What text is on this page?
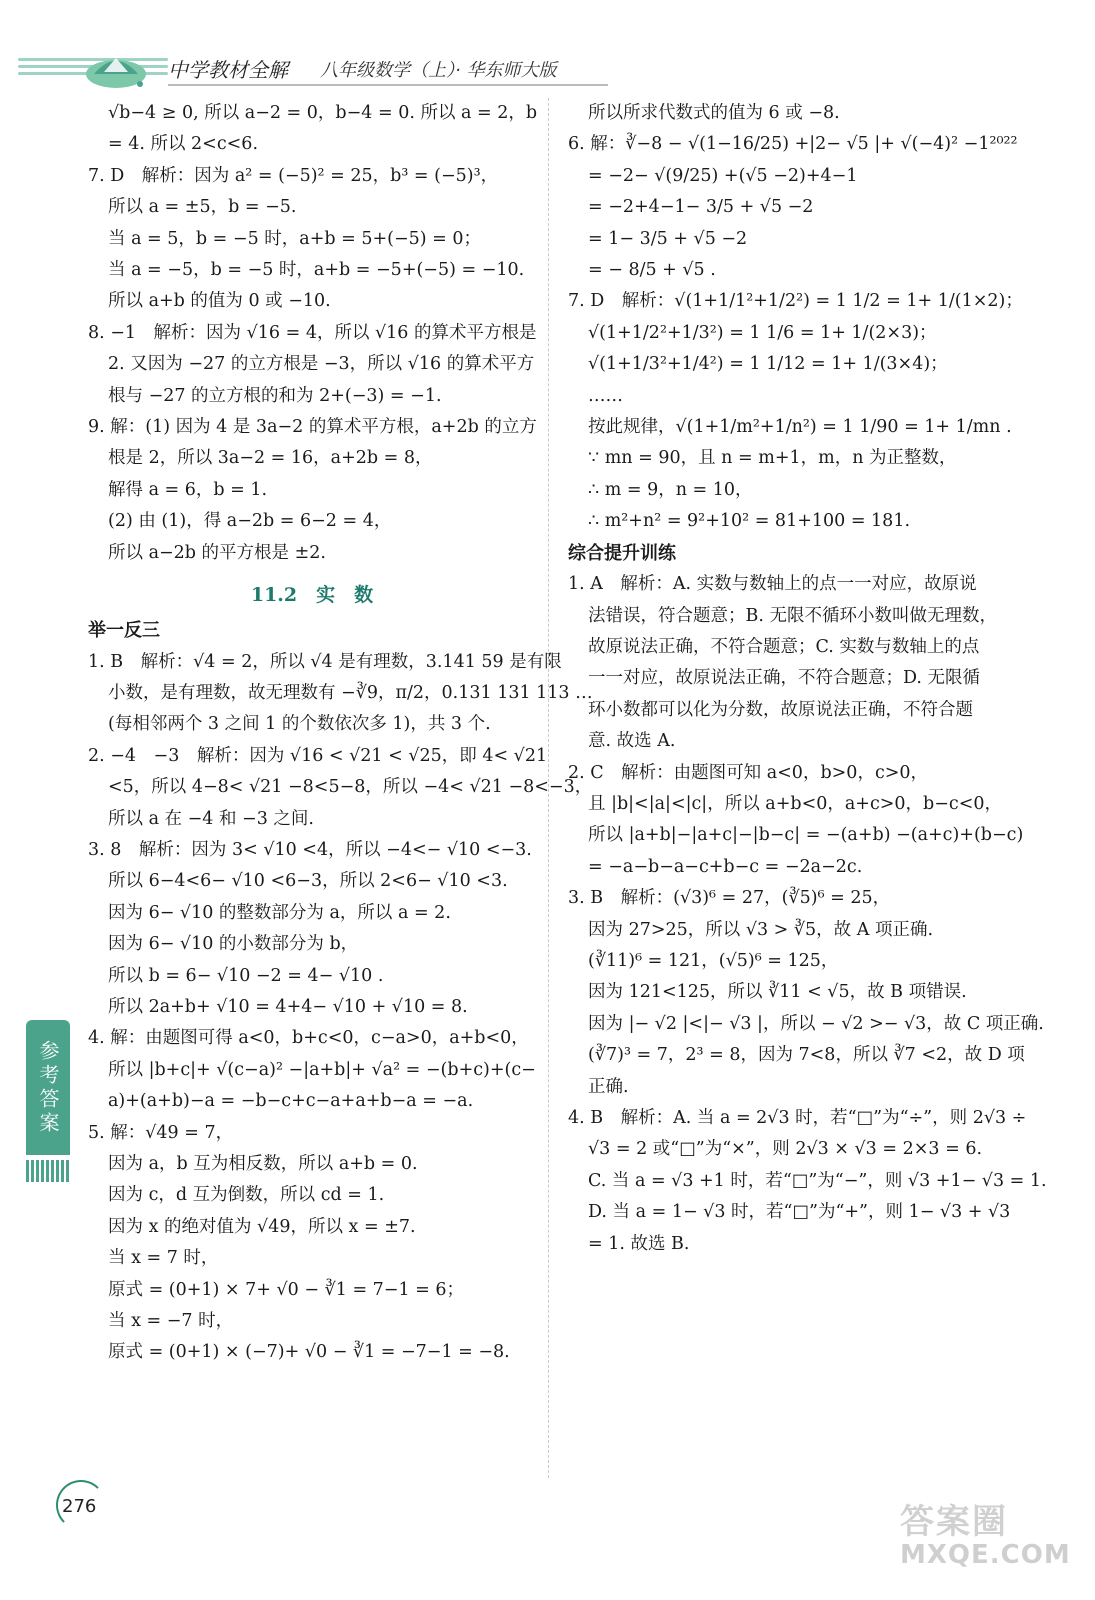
中学教材全解 八年级数学（上）· 华东师大版
√b−4 ≥ 0, 所以 a−2 = 0，b−4 = 0. 所以 a = 2，b
= 4. 所以 2<c<6.
7. D　解析：因为 a² = (−5)² = 25，b³ = (−5)³，
所以 a = ±5，b = −5.
当 a = 5，b = −5 时，a+b = 5+(−5) = 0；
当 a = −5，b = −5 时，a+b = −5+(−5) = −10.
所以 a+b 的值为 0 或 −10.
8. −1　解析：因为 √16 = 4，所以 √16 的算术平方根是
2. 又因为 −27 的立方根是 −3，所以 √16 的算术平方
根与 −27 的立方根的和为 2+(−3) = −1.
9. 解：(1) 因为 4 是 3a−2 的算术平方根，a+2b 的立方
根是 2，所以 3a−2 = 16，a+2b = 8，
解得 a = 6，b = 1.
(2) 由 (1)，得 a−2b = 6−2 = 4，
所以 a−2b 的平方根是 ±2.
11.2　实　数
举一反三
1. B　解析：√4 = 2，所以 √4 是有理数，3.141 59 是有限
小数，是有理数，故无理数有 −∛9，π/2，0.131 131 113 …
(每相邻两个 3 之间 1 的个数依次多 1)，共 3 个.
2. −4　−3　解析：因为 √16 < √21 < √25，即 4< √21
<5，所以 4−8< √21 −8<5−8，所以 −4< √21 −8<−3，
所以 a 在 −4 和 −3 之间.
3. 8　解析：因为 3< √10 <4，所以 −4<− √10 <−3.
所以 6−4<6− √10 <6−3，所以 2<6− √10 <3.
因为 6− √10 的整数部分为 a，所以 a = 2.
因为 6− √10 的小数部分为 b，
所以 b = 6− √10 −2 = 4− √10 .
所以 2a+b+ √10 = 4+4− √10 + √10 = 8.
4. 解：由题图可得 a<0，b+c<0，c−a>0，a+b<0，
所以 |b+c|+ √(c−a)² −|a+b|+ √a² = −(b+c)+(c−
a)+(a+b)−a = −b−c+c−a+a+b−a = −a.
5. 解：√49 = 7，
因为 a，b 互为相反数，所以 a+b = 0.
因为 c，d 互为倒数，所以 cd = 1.
因为 x 的绝对值为 √49，所以 x = ±7.
当 x = 7 时，
原式 = (0+1) × 7+ √0 − ∛1 = 7−1 = 6；
当 x = −7 时，
原式 = (0+1) × (−7)+ √0 − ∛1 = −7−1 = −8.
所以所求代数式的值为 6 或 −8.
6. 解：∛−8 − √(1−16/25) +|2− √5 |+ √(−4)² −1²⁰²²
= −2− √(9/25) +(√5 −2)+4−1
= −2+4−1− 3/5 + √5 −2
= 1− 3/5 + √5 −2
= − 8/5 + √5 .
7. D　解析：√(1+1/1²+1/2²) = 1 1/2 = 1+ 1/(1×2)；
√(1+1/2²+1/3²) = 1 1/6 = 1+ 1/(2×3)；
√(1+1/3²+1/4²) = 1 1/12 = 1+ 1/(3×4)；
……
按此规律，√(1+1/m²+1/n²) = 1 1/90 = 1+ 1/mn .
∵ mn = 90，且 n = m+1，m，n 为正整数，
∴ m = 9，n = 10，
∴ m²+n² = 9²+10² = 81+100 = 181.
综合提升训练
1. A　解析：A. 实数与数轴上的点一一对应，故原说
法错误，符合题意；B. 无限不循环小数叫做无理数，
故原说法正确，不符合题意；C. 实数与数轴上的点
一一对应，故原说法正确，不符合题意；D. 无限循
环小数都可以化为分数，故原说法正确，不符合题
意. 故选 A.
2. C　解析：由题图可知 a<0，b>0，c>0，
且 |b|<|a|<|c|，所以 a+b<0，a+c>0，b−c<0，
所以 |a+b|−|a+c|−|b−c| = −(a+b) −(a+c)+(b−c)
= −a−b−a−c+b−c = −2a−2c.
3. B　解析：(√3)⁶ = 27，(∛5)⁶ = 25，
因为 27>25，所以 √3 > ∛5，故 A 项正确.
(∛11)⁶ = 121，(√5)⁶ = 125，
因为 121<125，所以 ∛11 < √5，故 B 项错误.
因为 |− √2 |<|− √3 |，所以 − √2 >− √3，故 C 项正确.
(∛7)³ = 7，2³ = 8，因为 7<8，所以 ∛7 <2，故 D 项
正确.
4. B　解析：A. 当 a = 2√3 时，若“□”为“÷”，则 2√3 ÷
√3 = 2 或“□”为“×”，则 2√3 × √3 = 2×3 = 6.
C. 当 a = √3 +1 时，若“□”为“−”，则 √3 +1− √3 = 1.
D. 当 a = 1− √3 时，若“□”为“+”，则 1− √3 + √3
= 1. 故选 B.
参考答案
276	答案圈
MXQE.COM
